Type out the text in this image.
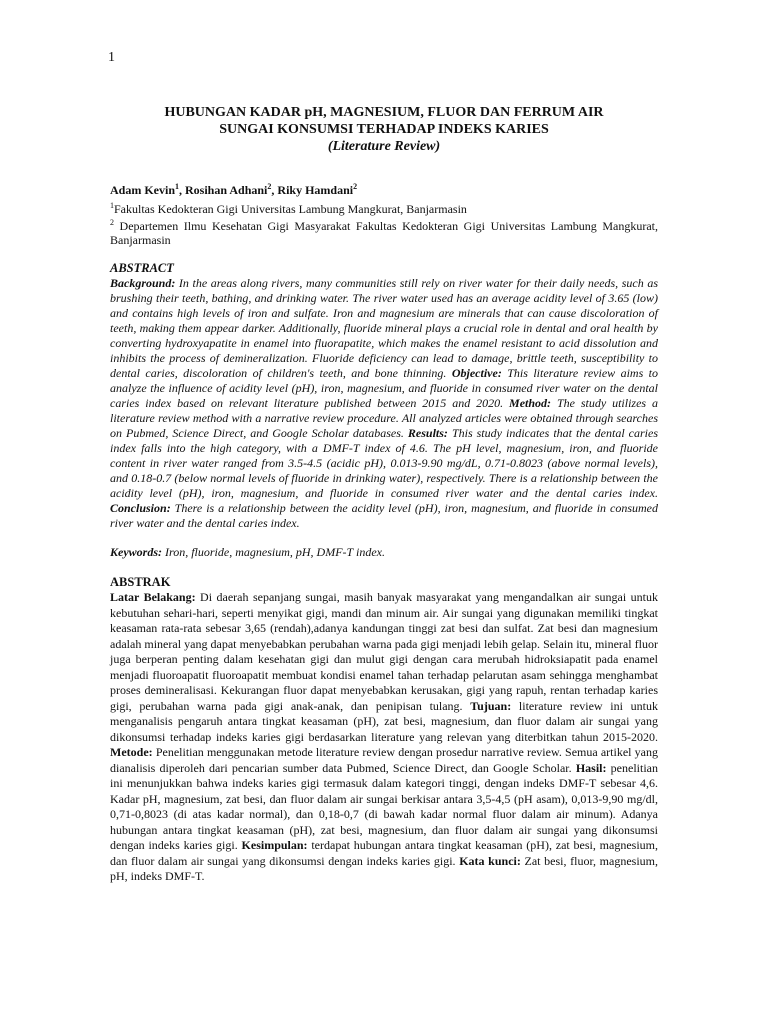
1

HUBUNGAN KADAR pH, MAGNESIUM, FLUOR DAN FERRUM AIR
SUNGAI KONSUMSI TERHADAP INDEKS KARIES
(Literature Review)

Adam Kevin$^1$, Rosihan Adhani$^2$, Riky Hamdani$^2$

$^1$Fakultas Kedokteran Gigi Universitas Lambung Mangkurat, Banjarmasin

$^2$ Departemen Ilmu Kesehatan Gigi Masyarakat Fakultas Kedokteran Gigi Universitas Lambung Mangkurat, Banjarmasin

ABSTRACT

Background: In the areas along rivers, many communities still rely on river water for their daily needs, such as brushing their teeth, bathing, and drinking water. The river water used has an average acidity level of 3.65 (low) and contains high levels of iron and sulfate. Iron and magnesium are minerals that can cause discoloration of teeth, making them appear darker. Additionally, fluoride mineral plays a crucial role in dental and oral health by converting hydroxyapatite in enamel into fluorapatite, which makes the enamel resistant to acid dissolution and inhibits the process of demineralization. Fluoride deficiency can lead to damage, brittle teeth, susceptibility to dental caries, discoloration of children's teeth, and bone thinning. Objective: This literature review aims to analyze the influence of acidity level (pH), iron, magnesium, and fluoride in consumed river water on the dental caries index based on relevant literature published between 2015 and 2020. Method: The study utilizes a literature review method with a narrative review procedure. All analyzed articles were obtained through searches on Pubmed, Science Direct, and Google Scholar databases. Results: This study indicates that the dental caries index falls into the high category, with a DMF-T index of 4.6. The pH level, magnesium, iron, and fluoride content in river water ranged from 3.5-4.5 (acidic pH), 0.013-9.90 mg/dL, 0.71-0.8023 (above normal levels), and 0.18-0.7 (below normal levels of fluoride in drinking water), respectively. There is a relationship between the acidity level (pH), iron, magnesium, and fluoride in consumed river water and the dental caries index. Conclusion: There is a relationship between the acidity level (pH), iron, magnesium, and fluoride in consumed river water and the dental caries index.

Keywords: Iron, fluoride, magnesium, pH, DMF-T index.

ABSTRAK

Latar Belakang: Di daerah sepanjang sungai, masih banyak masyarakat yang mengandalkan air sungai untuk kebutuhan sehari-hari, seperti menyikat gigi, mandi dan minum air. Air sungai yang digunakan memiliki tingkat keasaman rata-rata sebesar 3,65 (rendah),adanya kandungan tinggi zat besi dan sulfat. Zat besi dan magnesium adalah mineral yang dapat menyebabkan perubahan warna pada gigi menjadi lebih gelap. Selain itu, mineral fluor juga berperan penting dalam kesehatan gigi dan mulut gigi dengan cara merubah hidroksiapatit pada enamel menjadi fluoroapatit fluoroapatit membuat kondisi enamel tahan terhadap pelarutan asam sehingga menghambat proses demineralisasi. Kekurangan fluor dapat menyebabkan kerusakan, gigi yang rapuh, rentan terhadap karies gigi, perubahan warna pada gigi anak-anak, dan penipisan tulang. Tujuan: literature review ini untuk menganalisis pengaruh antara tingkat keasaman (pH), zat besi, magnesium, dan fluor dalam air sungai yang dikonsumsi terhadap indeks karies gigi berdasarkan literature yang relevan yang diterbitkan tahun 2015-2020. Metode: Penelitian menggunakan metode literature review dengan prosedur narrative review. Semua artikel yang dianalisis diperoleh dari pencarian sumber data Pubmed, Science Direct, dan Google Scholar. Hasil: penelitian ini menunjukkan bahwa indeks karies gigi termasuk dalam kategori tinggi, dengan indeks DMF-T sebesar 4,6. Kadar pH, magnesium, zat besi, dan fluor dalam air sungai berkisar antara 3,5-4,5 (pH asam), 0,013-9,90 mg/dl, 0,71-0,8023 (di atas kadar normal), dan 0,18-0,7 (di bawah kadar normal fluor dalam air minum). Adanya hubungan antara tingkat keasaman (pH), zat besi, magnesium, dan fluor dalam air sungai yang dikonsumsi dengan indeks karies gigi. Kesimpulan: terdapat hubungan antara tingkat keasaman (pH), zat besi, magnesium, dan fluor dalam air sungai yang dikonsumsi dengan indeks karies gigi. Kata kunci: Zat besi, fluor, magnesium, pH, indeks DMF-T.
